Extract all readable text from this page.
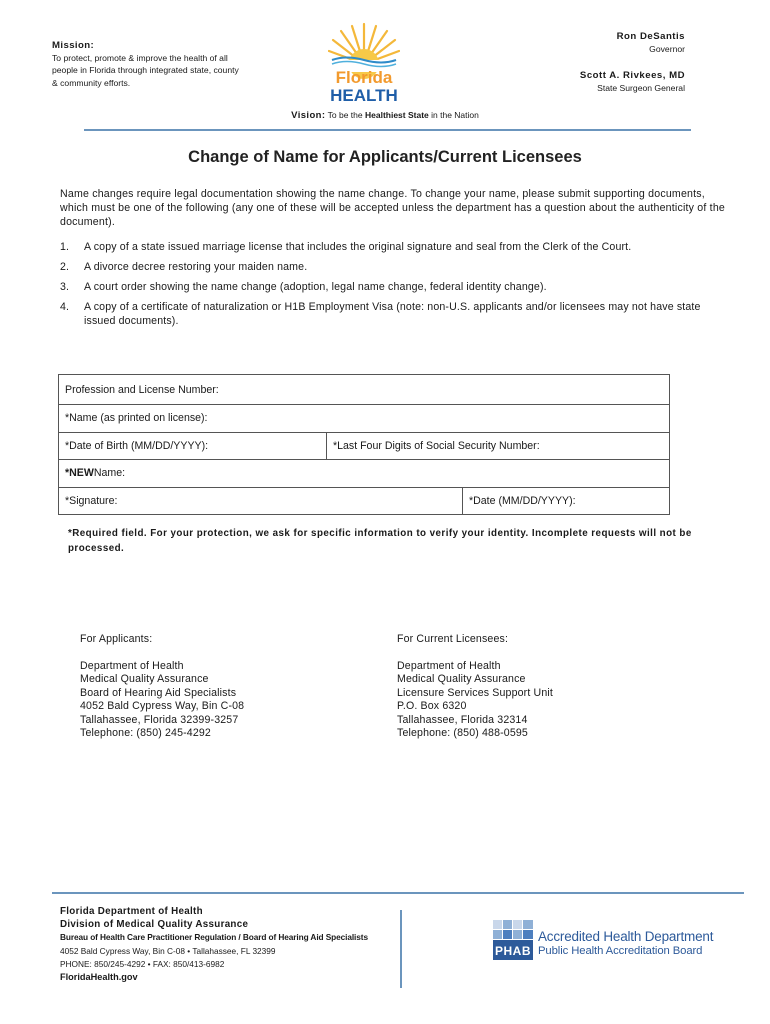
Mission:
To protect, promote & improve the health of all people in Florida through integrated state, county & community efforts.	Florida
HEALTH
Ron DeSantis
Governor
Scott A. Rivkees, MD
State Surgeon General
Vision: To be the Healthiest State in the Nation
Change of Name for Applicants/Current Licensees
Name changes require legal documentation showing the name change. To change your name, please submit supporting documents, which must be one of the following (any one of these will be accepted unless the department has a question about the authenticity of the document).
1.	A copy of a state issued marriage license that includes the original signature and seal from the Clerk of the Court.
2.	A divorce decree restoring your maiden name.
3.	A court order showing the name change (adoption, legal name change, federal identity change).
4.	A copy of a certificate of naturalization or H1B Employment Visa (note: non-U.S. applicants and/or licensees may not have state issued documents).
Profession and License Number:
*Name (as printed on license):
*Date of Birth (MM/DD/YYYY):	*Last Four Digits of Social Security Number:
*NEW Name:
*Signature:	*Date (MM/DD/YYYY):
*Required field. For your protection, we ask for specific information to verify your identity. Incomplete requests will not be processed.
For Applicants:
Department of Health
Medical Quality Assurance
Board of Hearing Aid Specialists
4052 Bald Cypress Way, Bin C-08
Tallahassee, Florida 32399-3257
Telephone: (850) 245-4292
For Current Licensees:
Department of Health
Medical Quality Assurance
Licensure Services Support Unit
P.O. Box 6320
Tallahassee, Florida 32314
Telephone: (850) 488-0595
Florida Department of Health
Division of Medical Quality Assurance
Bureau of Health Care Practitioner Regulation / Board of Hearing Aid Specialists
4052 Bald Cypress Way, Bin C-08 • Tallahassee, FL 32399
PHONE: 850/245-4292 • FAX: 850/413-6982
FloridaHealth.gov
PHAB
Accredited Health Department
Public Health Accreditation Board
